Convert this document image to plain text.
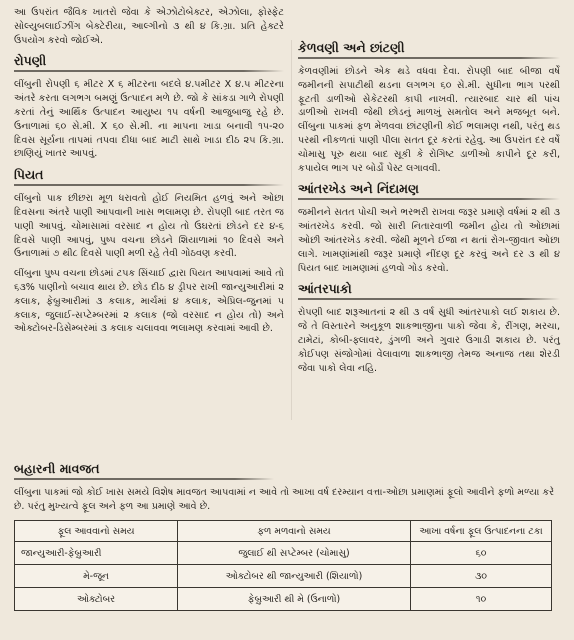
આ ઉપરાંત જૈવિક ખાતરો જેવા કે એઝોટોબેક્ટર, એઝોલા, ફોસ્ફેટ સોલ્યુબલાઈઝીંગ બેક્ટેરીયા, આલ્ગીનો ૩ થી ૪ કિ.ગ્રા. પ્રતિ હેક્ટરે ઉપયોગ કરવો જોઈએ.

રોપણી

લીંબુની રોપણી ૬ મીટર X ૬ મીટરના બદલે ૪.૫મીટર X ૪.૫ મીટરના અંતરે કરતા લગભગ બમણું ઉત્પાદન મળે છે. જો કે સાંકડા ગાળે રોપણી કરતાં તેનું આર્થિક ઉત્પાદન આયુષ્ય ૧૫ વર્ષની આજુબાજુ રહે છે. ઉનાળામાં ૬૦ સે.મી. X ૬૦ સે.મી. ના માપના ખાડા બનાવી ૧૫-૨૦ દિવસ સૂર્યના તાપમાં તપવા દીધા બાદ માટી સાથે ખાડા દીઠ ૨૫ કિ.ગ્રા. છાણિયું ખાતર આપવું.

પિયત

લીંબુનો પાક છીછરા મૂળ ધરાવતો હોઈ નિયમિત હળવું અને ઓછા દિવસના અંતરે પાણી આપવાની ખાસ ભલામણ છે. રોપણી બાદ તરત જ પાણી આપવું. ચોમાસામાં વરસાદ ન હોય તો ઉઘરતાં છોડને દર ૪-૬ દિવસે પાણી આપવું, પુષ્પ વચના છોડને શિયાળામાં ૧૦ દિવસે અને ઉનાળામાં ૭ થી૮ દિવસે પાણી મળી રહે તેવી ગોઠવણ કરવી.

લીંબુના પુષ્પ વચના છોડમાં ટપક સિંચાઈ દ્વારા પિયત આપવામાં આવે તો ૬૩% પાણીનો બચાવ થાય છે. છોડ દીઠ ૪ ડ્રીપર રાખી જાન્યુઆરીમાં ૨ કલાક, ફેબ્રુઆરીમાં ૩ કલાક, માર્ચમાં ૪ કલાક, એપ્રિલ-જુનમાં ૫ કલાક, જુલાઈ-સપ્ટેમ્બરમાં ૨ કલાક (જો વરસાદ ન હોય તો) અને ઓક્ટોબર-ડિસેમ્બરમાં ૩ કલાક ચલાવવા ભલામણ કરવામાં આવી છે.

કેળવણી અને છાંટણી

કેળવણીમાં છોડને એક થડે વધવા દેવા. રોપણી બાદ બીજા વર્ષે જમીનની સપાટીથી થડના લગભગ ૬૦ સે.મી. સુધીના ભાગ પરથી ફૂટતી ડાળીઓ સેકેટરથી કાપી નાખવી. ત્યારબાદ ચાર થી પાંચ ડાળીઓ રાખવી જેથી છોડનું માળખું સમતોલ અને મજબૂત બને. લીંબુના પાકમાં ફળ મેળવવા છાંટણીની કોઈ ભલામણ નથી, પરંતુ થડ પરથી નીકળતાં પાણી પીલા સતત દૂર કરતાં રહેવુ. આ ઉપરાંત દર વર્ષે ચોમાસુ પૂરુ થયા બાદ સૂકી કે રોગિષ્ટ ડાળીઓ કાપીને દૂર કરી, કપાયેલ ભાગ પર બોર્ડો પેસ્ટ લગાવવી.

આંતરખેડ અને નિંદામણ

જમીનને સતત પોચી અને ભરભરી રાખવા જરૂર પ્રમાણે વર્ષમાં ૨ થી ૩ આંતરખેડ કરવી. જો સારી નિતારવાળી જમીન હોય તો ઓછામાં ઓછી આંતરખેડ કરવી. જેથી મૂળને ઈજા ન થતાં રોગ-જીવાત ઓછા લાગે. ખામણાંમાંથી જરૂર પ્રમાણે નીંદણ દૂર કરવું અને દર ૩ થી ૪ પિયત બાદ ખામણામાં હળવો ગોડ કરવો.

આંતરપાકો

રોપણી બાદ શરૂઆતનાં ૨ થી ૩ વર્ષ સુધી આંતરપાકો લઈ શકાય છે. જે તે વિસ્તારને અનુકૂળ શાકભાજીના પાકો જેવા કે, રીંગણ, મરચા, ટામેટાં, કોબી-ફ્લાવર, ડુંગળી અને ગુવાર ઉગાડી શકાય છે. પરંતુ કોઈપણ સંજોગોમાં વેલાવાળા શાકભાજી તેમજ અનાજ તથા શેરડી જેવા પાકો લેવા નહિ.

બહારની માવજત

લીંબુના પાકમાં જો કોઈ ખાસ સમયે વિશેષ માવજત આપવામાં ન આવે તો આખા વર્ષ દરમ્યાન વત્તા-ઓછા પ્રમાણમાં ફૂલો આવીને ફળો મળ્યા કરે છે. પરંતુ મુખ્યત્વે ફૂલ અને ફળ આ પ્રમાણે આવે છે.

ફૂલ આવવાનો સમય	ફળ મળવાનો સમય	આખા વર્ષના ફૂલ ઉત્પાદનના ટકા
જાન્યુઆરી-ફેબ્રુઆરી	જુલાઈ થી સપ્ટેમ્બર (ચોમાસુ)	૬૦
મે-જૂન	ઓક્ટોબર થી જાન્યુઆરી (શિયાળો)	૩૦
ઓક્ટોબર	ફેબ્રુઆરી થી મે (ઉનાળો)	૧૦
